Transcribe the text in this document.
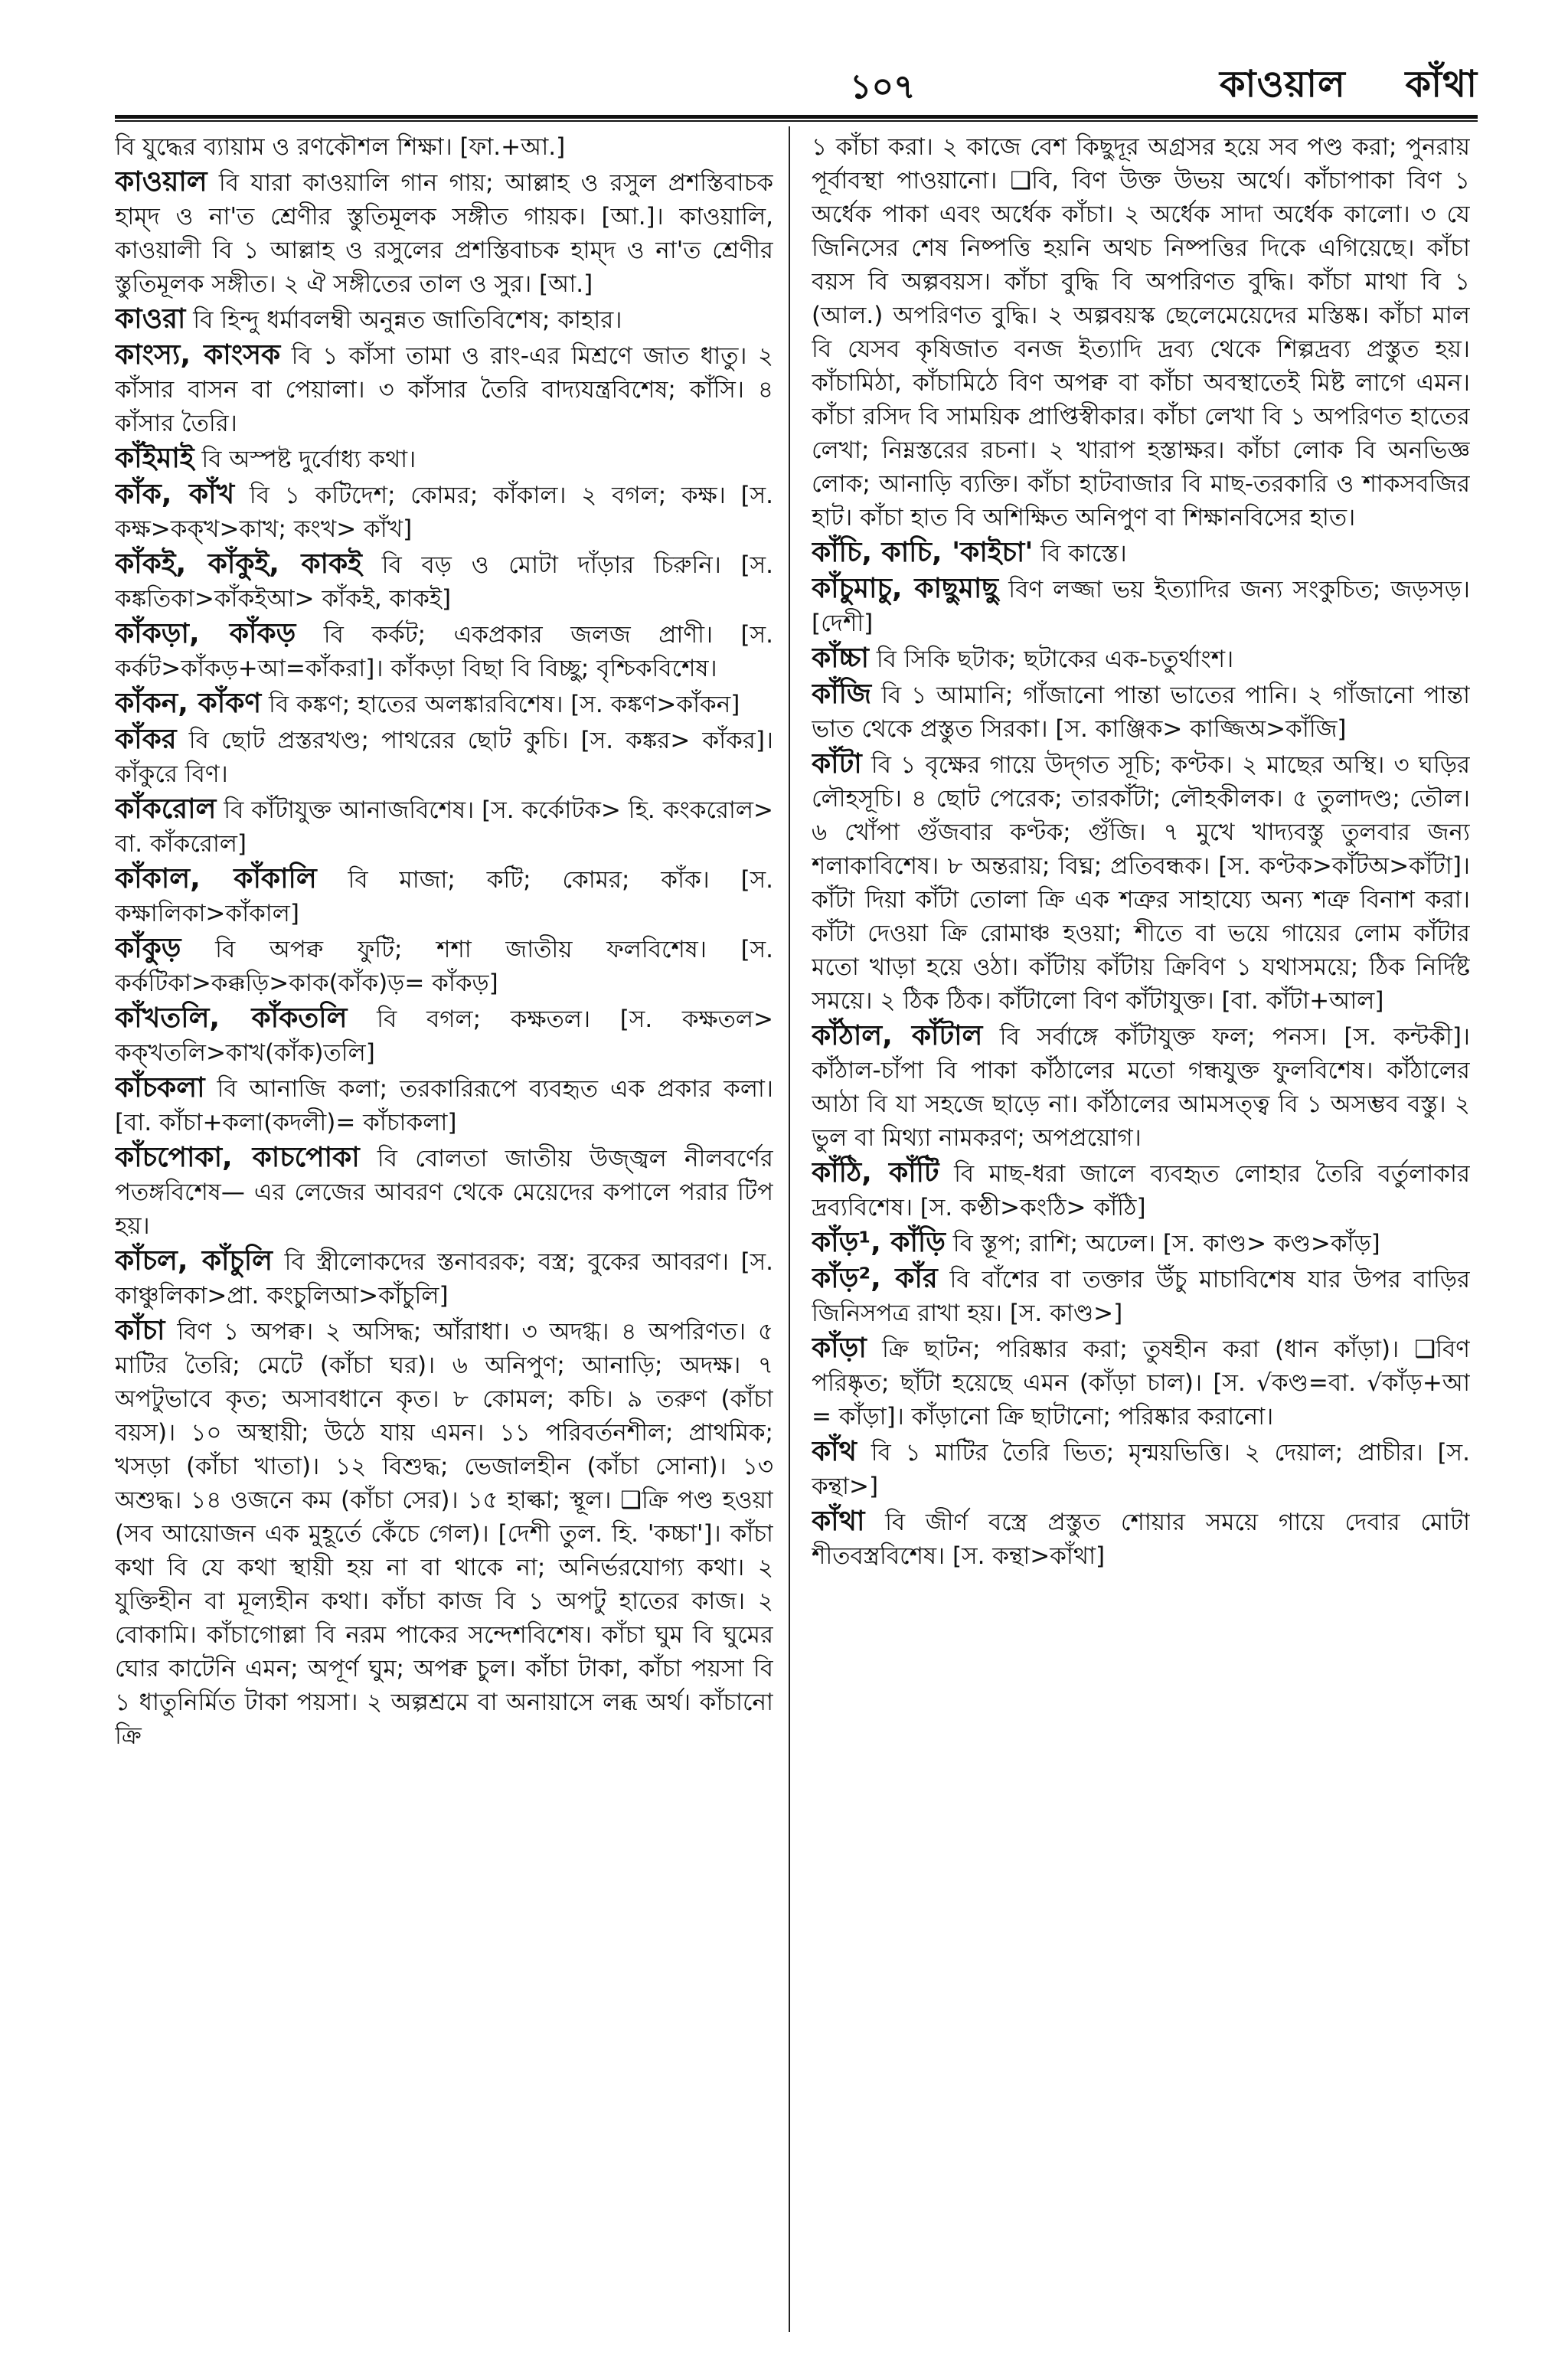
১০৭	কাওয়াল কাঁথা

বি যুদ্ধের ব্যায়াম ও রণকৌশল শিক্ষা। [ফা.+আ.]

কাওয়াল বি যারা কাওয়ালি গান গায়; আল্লাহ ও রসুল প্রশস্তিবাচক হাম্‌দ ও না'ত শ্রেণীর স্তুতিমূলক সঙ্গীত গায়ক। [আ.]। কাওয়ালি, কাওয়ালী বি ১ আল্লাহ ও রসুলের প্রশস্তিবাচক হাম্‌দ ও না'ত শ্রেণীর স্তুতিমূলক সঙ্গীত। ২ ঐ সঙ্গীতের তাল ও সুর। [আ.]

কাওরা বি হিন্দু ধর্মাবলম্বী অনুন্নত জাতিবিশেষ; কাহার।

কাংস্য, কাংসক বি ১ কাঁসা তামা ও রাং-এর মিশ্রণে জাত ধাতু। ২ কাঁসার বাসন বা পেয়ালা। ৩ কাঁসার তৈরি বাদ্যযন্ত্রবিশেষ; কাঁসি। ৪ কাঁসার তৈরি।

কাঁইমাই বি অস্পষ্ট দুর্বোধ্য কথা।

কাঁক, কাঁখ বি ১ কটিদেশ; কোমর; কাঁকাল। ২ বগল; কক্ষ। [স. কক্ষ>কক্‌খ>কাখ; কংখ> কাঁখ]

কাঁকই, কাঁকুই, কাকই বি বড় ও মোটা দাঁড়ার চিরুনি। [স. কঙ্কতিকা>কাঁকইআ> কাঁকই, কাকই]

কাঁকড়া, কাঁকড় বি কর্কট; একপ্রকার জলজ প্রাণী। [স. কর্কট>কাঁকড়+আ=কাঁকরা]। কাঁকড়া বিছা বি বিচ্ছু; বৃশ্চিকবিশেষ।

কাঁকন, কাঁকণ বি কঙ্কণ; হাতের অলঙ্কারবিশেষ। [স. কঙ্কণ>কাঁকন]

কাঁকর বি ছোট প্রস্তরখণ্ড; পাথরের ছোট কুচি। [স. কঙ্কর> কাঁকর]। কাঁকুরে বিণ।

কাঁকরোল বি কাঁটাযুক্ত আনাজবিশেষ। [স. কর্কোটক> হি. কংকরোল> বা. কাঁকরোল]

কাঁকাল, কাঁকালি বি মাজা; কটি; কোমর; কাঁক। [স. কক্ষালিকা>কাঁকাল]

কাঁকুড় বি অপক্ব ফুটি; শশা জাতীয় ফলবিশেষ। [স. কর্কটিকা>কক্কড়ি>কাক(কাঁক)ড়= কাঁকড়]

কাঁখতলি, কাঁকতলি বি বগল; কক্ষতল। [স. কক্ষতল> কক্‌খতলি>কাখ(কাঁক)তলি]

কাঁচকলা বি আনাজি কলা; তরকারিরূপে ব্যবহৃত এক প্রকার কলা। [বা. কাঁচা+কলা(কদলী)= কাঁচাকলা]

কাঁচপোকা, কাচপোকা বি বোলতা জাতীয় উজ্জ্বল নীলবর্ণের পতঙ্গবিশেষ— এর লেজের আবরণ থেকে মেয়েদের কপালে পরার টিপ হয়।

কাঁচল, কাঁচুলি বি স্ত্রীলোকদের স্তনাবরক; বস্ত্র; বুকের আবরণ। [স. কাঞ্চুলিকা>প্রা. কংচুলিআ>কাঁচুলি]

কাঁচা বিণ ১ অপক্ব। ২ অসিদ্ধ; আঁরাধা। ৩ অদগ্ধ। ৪ অপরিণত। ৫ মাটির তৈরি; মেটে (কাঁচা ঘর)। ৬ অনিপুণ; আনাড়ি; অদক্ষ। ৭ অপটুভাবে কৃত; অসাবধানে কৃত। ৮ কোমল; কচি। ৯ তরুণ (কাঁচা বয়স)। ১০ অস্থায়ী; উঠে যায় এমন। ১১ পরিবর্তনশীল; প্রাথমিক; খসড়া (কাঁচা খাতা)। ১২ বিশুদ্ধ; ভেজালহীন (কাঁচা সোনা)। ১৩ অশুদ্ধ। ১৪ ওজনে কম (কাঁচা সের)। ১৫ হাল্কা; স্থূল। ❑ক্রি পণ্ড হওয়া (সব আয়োজন এক মুহূর্তে কেঁচে গেল)। [দেশী তুল. হি. 'কচ্চা']। কাঁচা কথা বি যে কথা স্থায়ী হয় না বা থাকে না; অনির্ভরযোগ্য কথা। ২ যুক্তিহীন বা মূল্যহীন কথা। কাঁচা কাজ বি ১ অপটু হাতের কাজ। ২ বোকামি। কাঁচাগোল্লা বি নরম পাকের সন্দেশবিশেষ। কাঁচা ঘুম বি ঘুমের ঘোর কাটেনি এমন; অপূর্ণ ঘুম; অপক্ব চুল। কাঁচা টাকা, কাঁচা পয়সা বি ১ ধাতুনির্মিত টাকা পয়সা। ২ অল্পশ্রমে বা অনায়াসে লব্ধ অর্থ। কাঁচানো ক্রি

১ কাঁচা করা। ২ কাজে বেশ কিছুদূর অগ্রসর হয়ে সব পণ্ড করা; পুনরায় পূর্বাবস্থা পাওয়ানো। ❑বি, বিণ উক্ত উভয় অর্থে। কাঁচাপাকা বিণ ১ অর্ধেক পাকা এবং অর্ধেক কাঁচা। ২ অর্ধেক সাদা অর্ধেক কালো। ৩ যে জিনিসের শেষ নিষ্পত্তি হয়নি অথচ নিষ্পত্তির দিকে এগিয়েছে। কাঁচা বয়স বি অল্পবয়স। কাঁচা বুদ্ধি বি অপরিণত বুদ্ধি। কাঁচা মাথা বি ১ (আল.) অপরিণত বুদ্ধি। ২ অল্পবয়স্ক ছেলেমেয়েদের মস্তিষ্ক। কাঁচা মাল বি যেসব কৃষিজাত বনজ ইত্যাদি দ্রব্য থেকে শিল্পদ্রব্য প্রস্তুত হয়। কাঁচামিঠা, কাঁচামিঠে বিণ অপক্ব বা কাঁচা অবস্থাতেই মিষ্ট লাগে এমন। কাঁচা রসিদ বি সাময়িক প্রাপ্তিস্বীকার। কাঁচা লেখা বি ১ অপরিণত হাতের লেখা; নিম্নস্তরের রচনা। ২ খারাপ হস্তাক্ষর। কাঁচা লোক বি অনভিজ্ঞ লোক; আনাড়ি ব্যক্তি। কাঁচা হাটবাজার বি মাছ-তরকারি ও শাকসবজির হাট। কাঁচা হাত বি অশিক্ষিত অনিপুণ বা শিক্ষানবিসের হাত।

কাঁচি, কাচি, 'কাইচা' বি কাস্তে।

কাঁচুমাচু, কাছুমাছু বিণ লজ্জা ভয় ইত্যাদির জন্য সংকুচিত; জড়সড়। [দেশী]

কাঁচ্চা বি সিকি ছটাক; ছটাকের এক-চতুর্থাংশ।

কাঁজি বি ১ আমানি; গাঁজানো পান্তা ভাতের পানি। ২ গাঁজানো পান্তা ভাত থেকে প্রস্তুত সিরকা। [স. কাঞ্জিক> কাজ্জিঅ>কাঁজি]

কাঁটা বি ১ বৃক্ষের গায়ে উদ্‌গত সূচি; কণ্টক। ২ মাছের অস্থি। ৩ ঘড়ির লৌহসূচি। ৪ ছোট পেরেক; তারকাঁটা; লৌহকীলক। ৫ তুলাদণ্ড; তৌল। ৬ খোঁপা গুঁজবার কণ্টক; গুঁজি। ৭ মুখে খাদ্যবস্তু তুলবার জন্য শলাকাবিশেষ। ৮ অন্তরায়; বিঘ্ন; প্রতিবন্ধক। [স. কণ্টক>কাঁটঅ>কাঁটা]। কাঁটা দিয়া কাঁটা তোলা ক্রি এক শত্রুর সাহায্যে অন্য শত্রু বিনাশ করা। কাঁটা দেওয়া ক্রি রোমাঞ্চ হওয়া; শীতে বা ভয়ে গায়ের লোম কাঁটার মতো খাড়া হয়ে ওঠা। কাঁটায় কাঁটায় ক্রিবিণ ১ যথাসময়ে; ঠিক নির্দিষ্ট সময়ে। ২ ঠিক ঠিক। কাঁটালো বিণ কাঁটাযুক্ত। [বা. কাঁটা+আল]

কাঁঠাল, কাঁটাল বি সর্বাঙ্গে কাঁটাযুক্ত ফল; পনস। [স. কন্টকী]। কাঁঠাল-চাঁপা বি পাকা কাঁঠালের মতো গন্ধযুক্ত ফুলবিশেষ। কাঁঠালের আঠা বি যা সহজে ছাড়ে না। কাঁঠালের আমসত্ত্ব বি ১ অসম্ভব বস্তু। ২ ভুল বা মিথ্যা নামকরণ; অপপ্রয়োগ।

কাঁঠি, কাঁটি বি মাছ-ধরা জালে ব্যবহৃত লোহার তৈরি বর্তুলাকার দ্রব্যবিশেষ। [স. কণ্ঠী>কংঠি> কাঁঠি]

কাঁড়¹, কাঁড়ি বি স্তূপ; রাশি; অঢেল। [স. কাণ্ড> কণ্ড>কাঁড়]

কাঁড়², কাঁর বি বাঁশের বা তক্তার উঁচু মাচাবিশেষ যার উপর বাড়ির জিনিসপত্র রাখা হয়। [স. কাণ্ড>]

কাঁড়া ক্রি ছাটন; পরিষ্কার করা; তুষহীন করা (ধান কাঁড়া)। ❑বিণ পরিষ্কৃত; ছাঁটা হয়েছে এমন (কাঁড়া চাল)। [স. √কণ্ড=বা. √কাঁড়+আ = কাঁড়া]। কাঁড়ানো ক্রি ছাটানো; পরিষ্কার করানো।

কাঁথ বি ১ মাটির তৈরি ভিত; মৃন্ময়ভিত্তি। ২ দেয়াল; প্রাচীর। [স. কন্থা>]

কাঁথা বি জীর্ণ বস্ত্রে প্রস্তুত শোয়ার সময়ে গায়ে দেবার মোটা শীতবস্ত্রবিশেষ। [স. কন্থা>কাঁথা]
